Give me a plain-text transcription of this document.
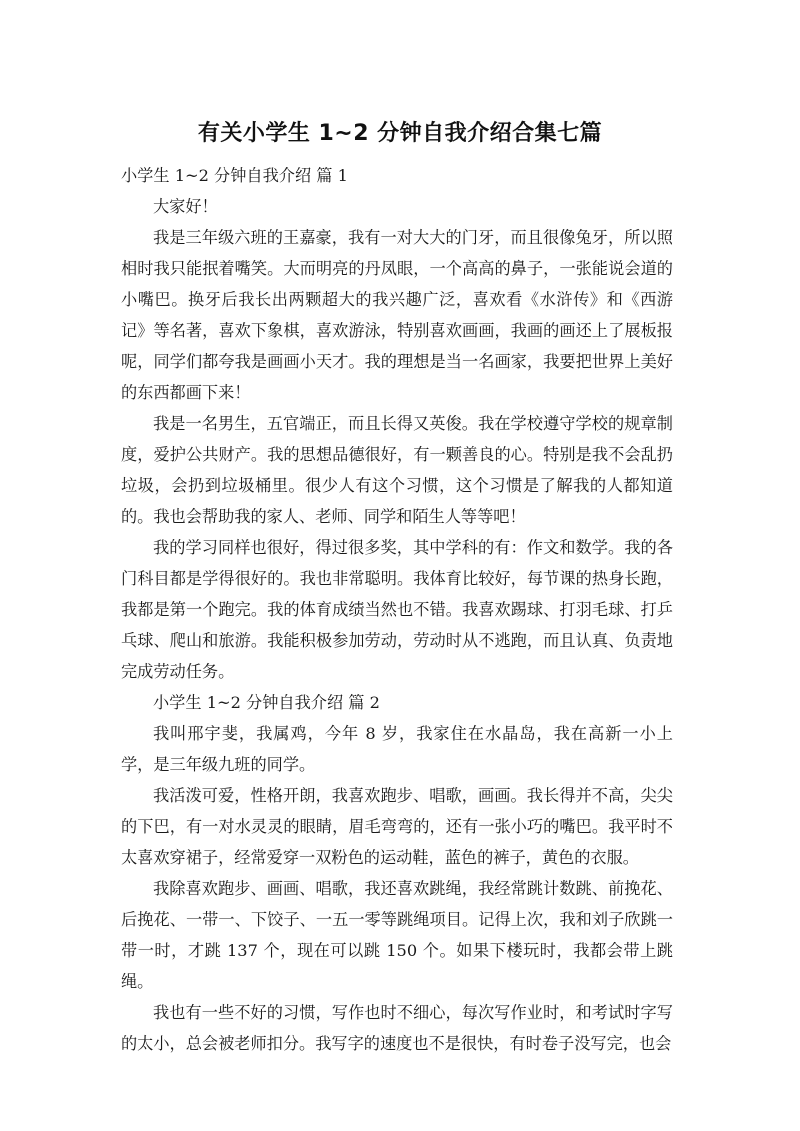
有关小学生 1~2 分钟自我介绍合集七篇
小学生 1~2 分钟自我介绍 篇 1

大家好！

我是三年级六班的王嘉豪，我有一对大大的门牙，而且很像兔牙，所以照相时我只能抿着嘴笑。大而明亮的丹凤眼，一个高高的鼻子，一张能说会道的小嘴巴。换牙后我长出两颗超大的我兴趣广泛，喜欢看《水浒传》和《西游记》等名著，喜欢下象棋，喜欢游泳，特别喜欢画画，我画的画还上了展板报呢，同学们都夸我是画画小天才。我的理想是当一名画家，我要把世界上美好的东西都画下来！

我是一名男生，五官端正，而且长得又英俊。我在学校遵守学校的规章制度，爱护公共财产。我的思想品德很好，有一颗善良的心。特别是我不会乱扔垃圾，会扔到垃圾桶里。很少人有这个习惯，这个习惯是了解我的人都知道的。我也会帮助我的家人、老师、同学和陌生人等等吧！

我的学习同样也很好，得过很多奖，其中学科的有：作文和数学。我的各门科目都是学得很好的。我也非常聪明。我体育比较好，每节课的热身长跑，我都是第一个跑完。我的体育成绩当然也不错。我喜欢踢球、打羽毛球、打乒乓球、爬山和旅游。我能积极参加劳动，劳动时从不逃跑，而且认真、负责地完成劳动任务。

小学生 1~2 分钟自我介绍 篇 2

我叫邢宇斐，我属鸡，今年 8 岁，我家住在水晶岛，我在高新一小上学，是三年级九班的同学。

我活泼可爱，性格开朗，我喜欢跑步、唱歌，画画。我长得并不高，尖尖的下巴，有一对水灵灵的眼睛，眉毛弯弯的，还有一张小巧的嘴巴。我平时不太喜欢穿裙子，经常爱穿一双粉色的运动鞋，蓝色的裤子，黄色的衣服。

我除喜欢跑步、画画、唱歌，我还喜欢跳绳，我经常跳计数跳、前挽花、后挽花、一带一、下饺子、一五一零等跳绳项目。记得上次，我和刘子欣跳一带一时，才跳 137 个，现在可以跳 150 个。如果下楼玩时，我都会带上跳绳。

我也有一些不好的习惯，写作也时不细心，每次写作业时，和考试时字写的太小，总会被老师扣分。我写字的速度也不是很快，有时卷子没写完，也会
